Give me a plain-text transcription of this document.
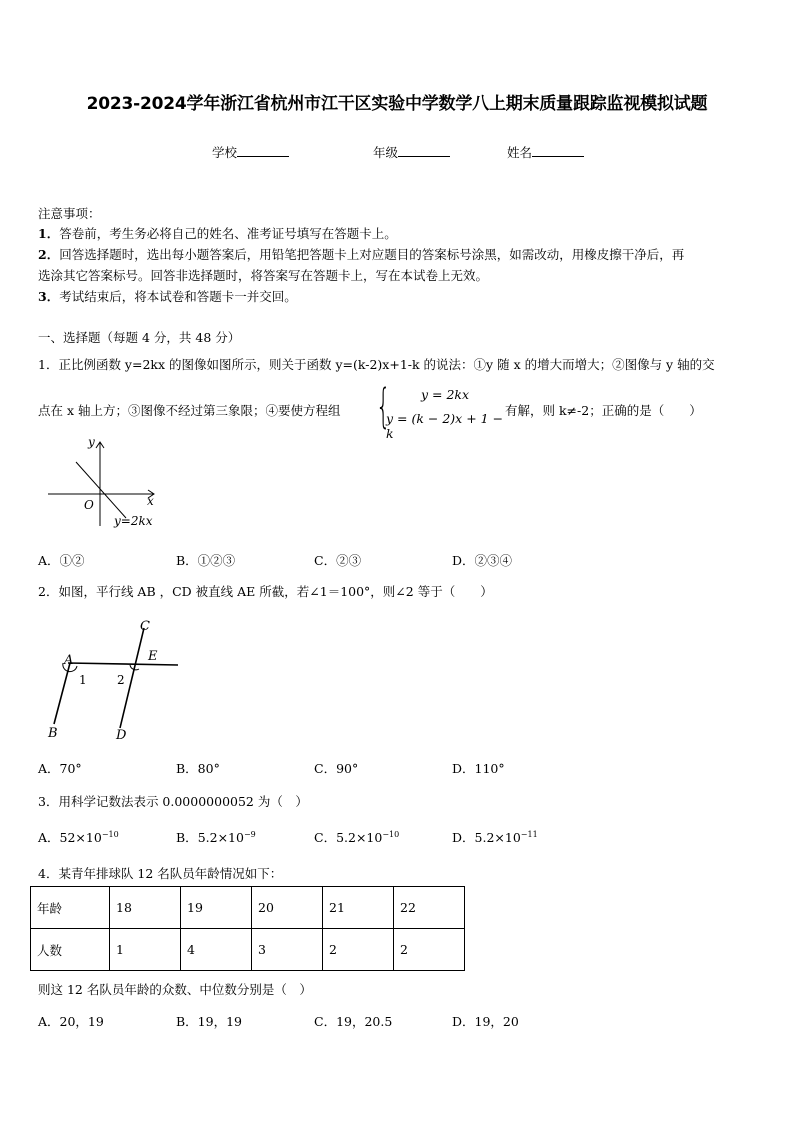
2023-2024学年浙江省杭州市江干区实验中学数学八上期末质量跟踪监视模拟试题
学校	年级	姓名
注意事项：
1．答卷前，考生务必将自己的姓名、准考证号填写在答题卡上。
2．回答选择题时，选出每小题答案后，用铅笔把答题卡上对应题目的答案标号涂黑，如需改动，用橡皮擦干净后，再
选涂其它答案标号。回答非选择题时，将答案写在答题卡上，写在本试卷上无效。
3．考试结束后，将本试卷和答题卡一并交回。
一、选择题（每题 4 分，共 48 分）
1．正比例函数 y=2kx 的图像如图所示，则关于函数 y=(k-2)x+1-k 的说法：①y 随 x 的增大而增大；②图像与 y 轴的交
点在 x 轴上方；③图像不经过第三象限；④要使方程组 { y = 2kx
y = (k − 2)x + 1 − k
有解，则 k≠-2；正确的是（　　）
y
x
O
y=2kx
A．①②	B．①②③	C．②③	D．②③④
2．如图，平行线 AB ，CD 被直线 AE 所截，若∠1＝100°，则∠2 等于（　　）
A
B
C
D
E
1	2
A．70°	B．80°	C．90°	D．110°
3．用科学记数法表示 0.0000000052 为（　）
A．$52\times 10^{-10}$	B．$5.2\times 10^{-9}$	C．$5.2\times 10^{-10}$	D．$5.2\times 10^{-11}$
4．某青年排球队 12 名队员年龄情况如下：
年龄	18	19	20	21	22
人数	1	4	3	2	2
则这 12 名队员年龄的众数、中位数分别是（　）
A．20，19	B．19，19	C．19，20.5	D．19，20
